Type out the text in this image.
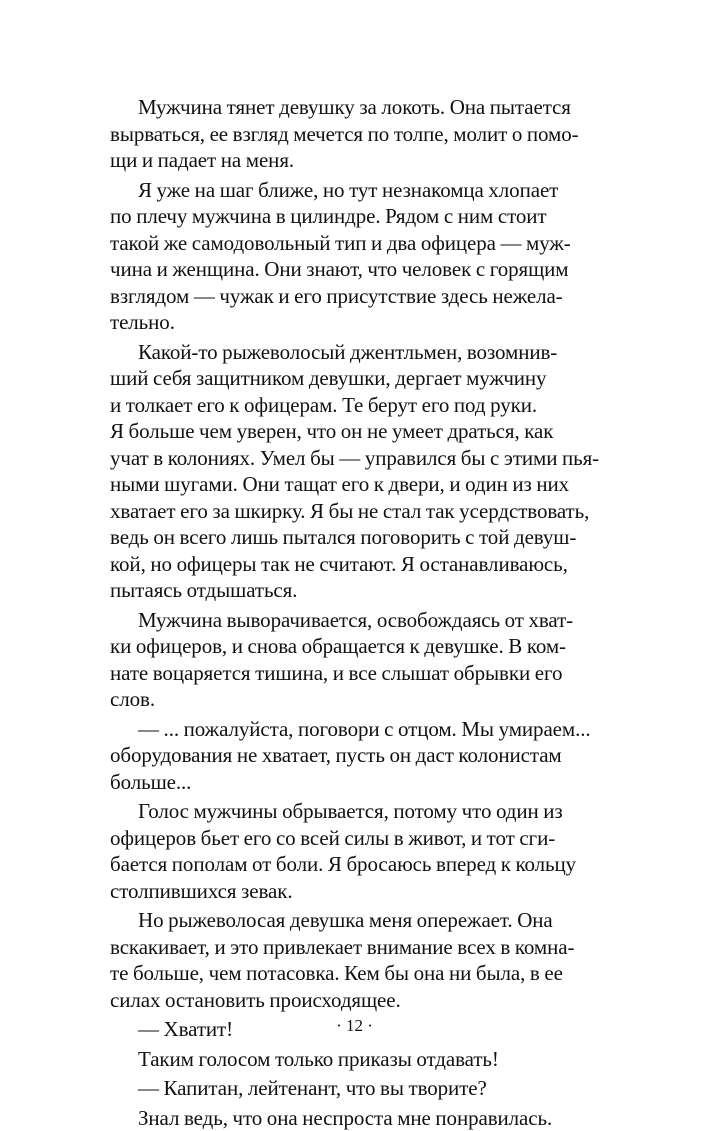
Мужчина тянет девушку за локоть. Она пытается
вырваться, ее взгляд мечется по толпе, молит о помо-
щи и падает на меня.

Я уже на шаг ближе, но тут незнакомца хлопает
по плечу мужчина в цилиндре. Рядом с ним стоит
такой же самодовольный тип и два офицера — муж-
чина и женщина. Они знают, что человек с горящим
взглядом — чужак и его присутствие здесь нежела-
тельно.

Какой-то рыжеволосый джентльмен, возомнив-
ший себя защитником девушки, дергает мужчину
и толкает его к офицерам. Те берут его под руки.
Я больше чем уверен, что он не умеет драться, как
учат в колониях. Умел бы — управился бы с этими пья-
ными шугами. Они тащат его к двери, и один из них
хватает его за шкирку. Я бы не стал так усердствовать,
ведь он всего лишь пытался поговорить с той девуш-
кой, но офицеры так не считают. Я останавливаюсь,
пытаясь отдышаться.

Мужчина выворачивается, освобождаясь от хват-
ки офицеров, и снова обращается к девушке. В ком-
нате воцаряется тишина, и все слышат обрывки его
слов.

— ... пожалуйста, поговори с отцом. Мы умираем...
оборудования не хватает, пусть он даст колонистам
больше...

Голос мужчины обрывается, потому что один из
офицеров бьет его со всей силы в живот, и тот сги-
бается пополам от боли. Я бросаюсь вперед к кольцу
столпившихся зевак.

Но рыжеволосая девушка меня опережает. Она
вскакивает, и это привлекает внимание всех в комна-
те больше, чем потасовка. Кем бы она ни была, в ее
силах остановить происходящее.

— Хватит!

Таким голосом только приказы отдавать!

— Капитан, лейтенант, что вы творите?

Знал ведь, что она неспроста мне понравилась.

· 12 ·
